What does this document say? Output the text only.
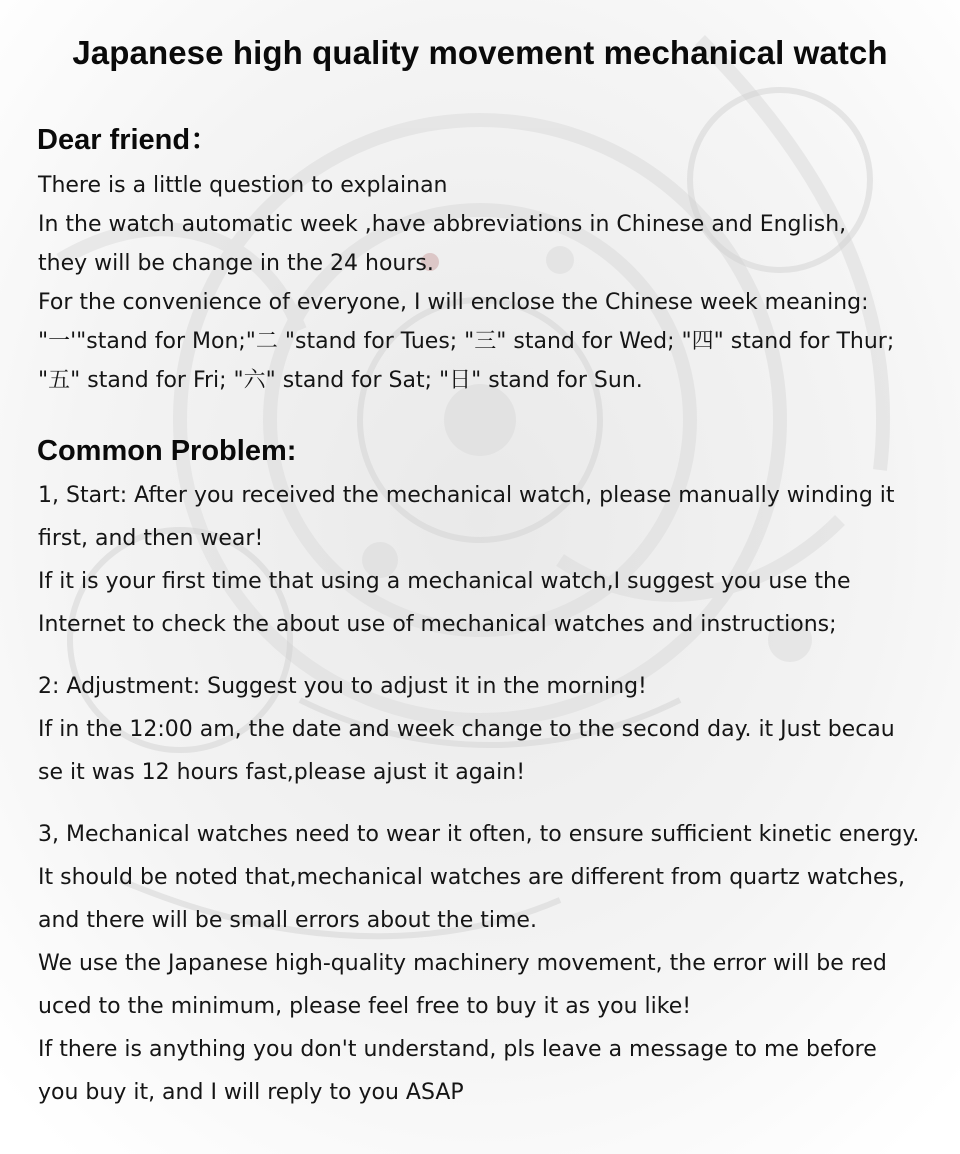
Japanese high quality movement mechanical watch
Dear friend：
There is a little question to explainan
In the watch automatic week ,have abbreviations in Chinese and English,
they will be change in the 24 hours.
For the convenience of everyone, I will enclose the Chinese week meaning:
"一'"stand for Mon;"二 "stand for Tues; "三" stand for Wed; "四" stand for Thur;
"五" stand for Fri; "六" stand for Sat; "日" stand for Sun.
Common Problem:
1, Start: After you received the mechanical watch, please manually winding it
first, and then wear!
If it is your first time that using a mechanical watch,I suggest you use the
Internet to check the about use of mechanical watches and instructions;
2: Adjustment: Suggest you to adjust it in the morning!
If in the 12:00 am, the date and week change to the second day. it Just becau
se it was 12 hours fast,please ajust it again!
3, Mechanical watches need to wear it often, to ensure sufficient kinetic energy.
It should be noted that,mechanical watches are different from quartz watches,
and there will be small errors about the time.
We use the Japanese high-quality machinery movement, the error will be red
uced to the minimum, please feel free to buy it as you like!
If there is anything you don't understand, pls leave a message to me before
you buy it, and I will reply to you ASAP
